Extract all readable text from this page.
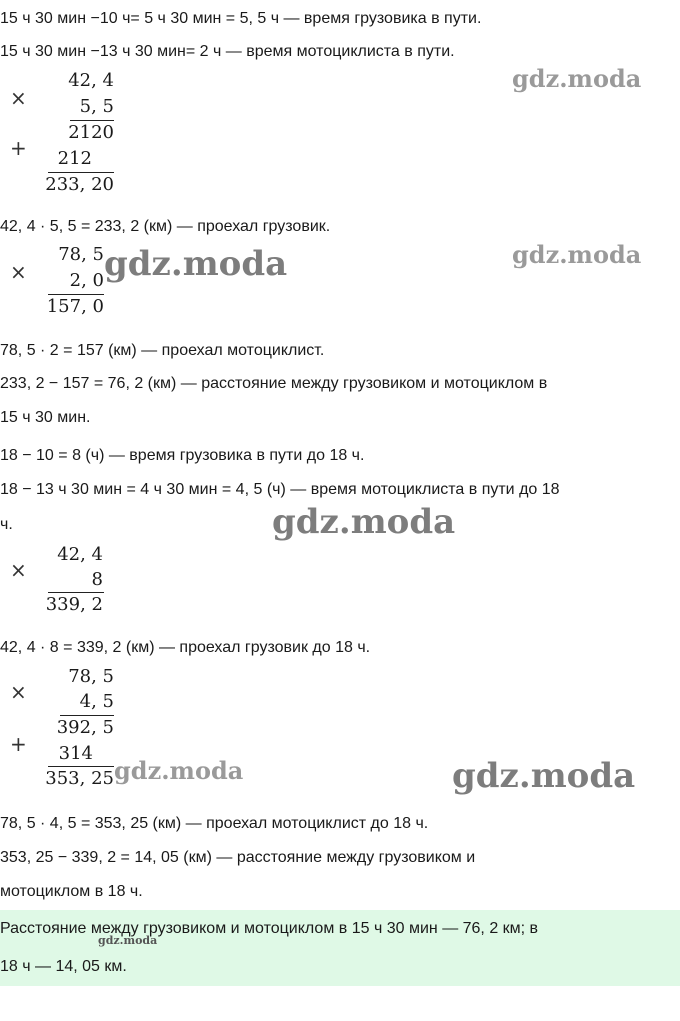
15 ч 30 мин −10 ч= 5 ч 30 мин = 5, 5 ч — время грузовика в пути.
15 ч 30 мин −13 ч 30 мин= 2 ч — время мотоциклиста в пути.
×
42, 4
5, 5
2120
+ 212
233, 20
42, 4 · 5, 5 = 233, 2 (км) — проехал грузовик.
×
78, 5
2, 0
157, 0
78, 5 · 2 = 157 (км) — проехал мотоциклист.
233, 2 − 157 = 76, 2 (км) — расстояние между грузовиком и мотоциклом в
15 ч 30 мин.
18 − 10 = 8 (ч) — время грузовика в пути до 18 ч.
18 − 13 ч 30 мин = 4 ч 30 мин = 4, 5 (ч) — время мотоциклиста в пути до 18
ч.
×
42, 4
8
339, 2
42, 4 · 8 = 339, 2 (км) — проехал грузовик до 18 ч.
×
78, 5
4, 5
392, 5
+ 314
353, 25
78, 5 · 4, 5 = 353, 25 (км) — проехал мотоциклист до 18 ч.
353, 25 − 339, 2 = 14, 05 (км) — расстояние между грузовиком и
мотоциклом в 18 ч.
Расстояние между грузовиком и мотоциклом в 15 ч 30 мин — 76, 2 км; в
18 ч — 14, 05 км.
gdz.moda
gdz.moda	gdz.moda
gdz.moda
gdz.moda	gdz.moda
gdz.moda
